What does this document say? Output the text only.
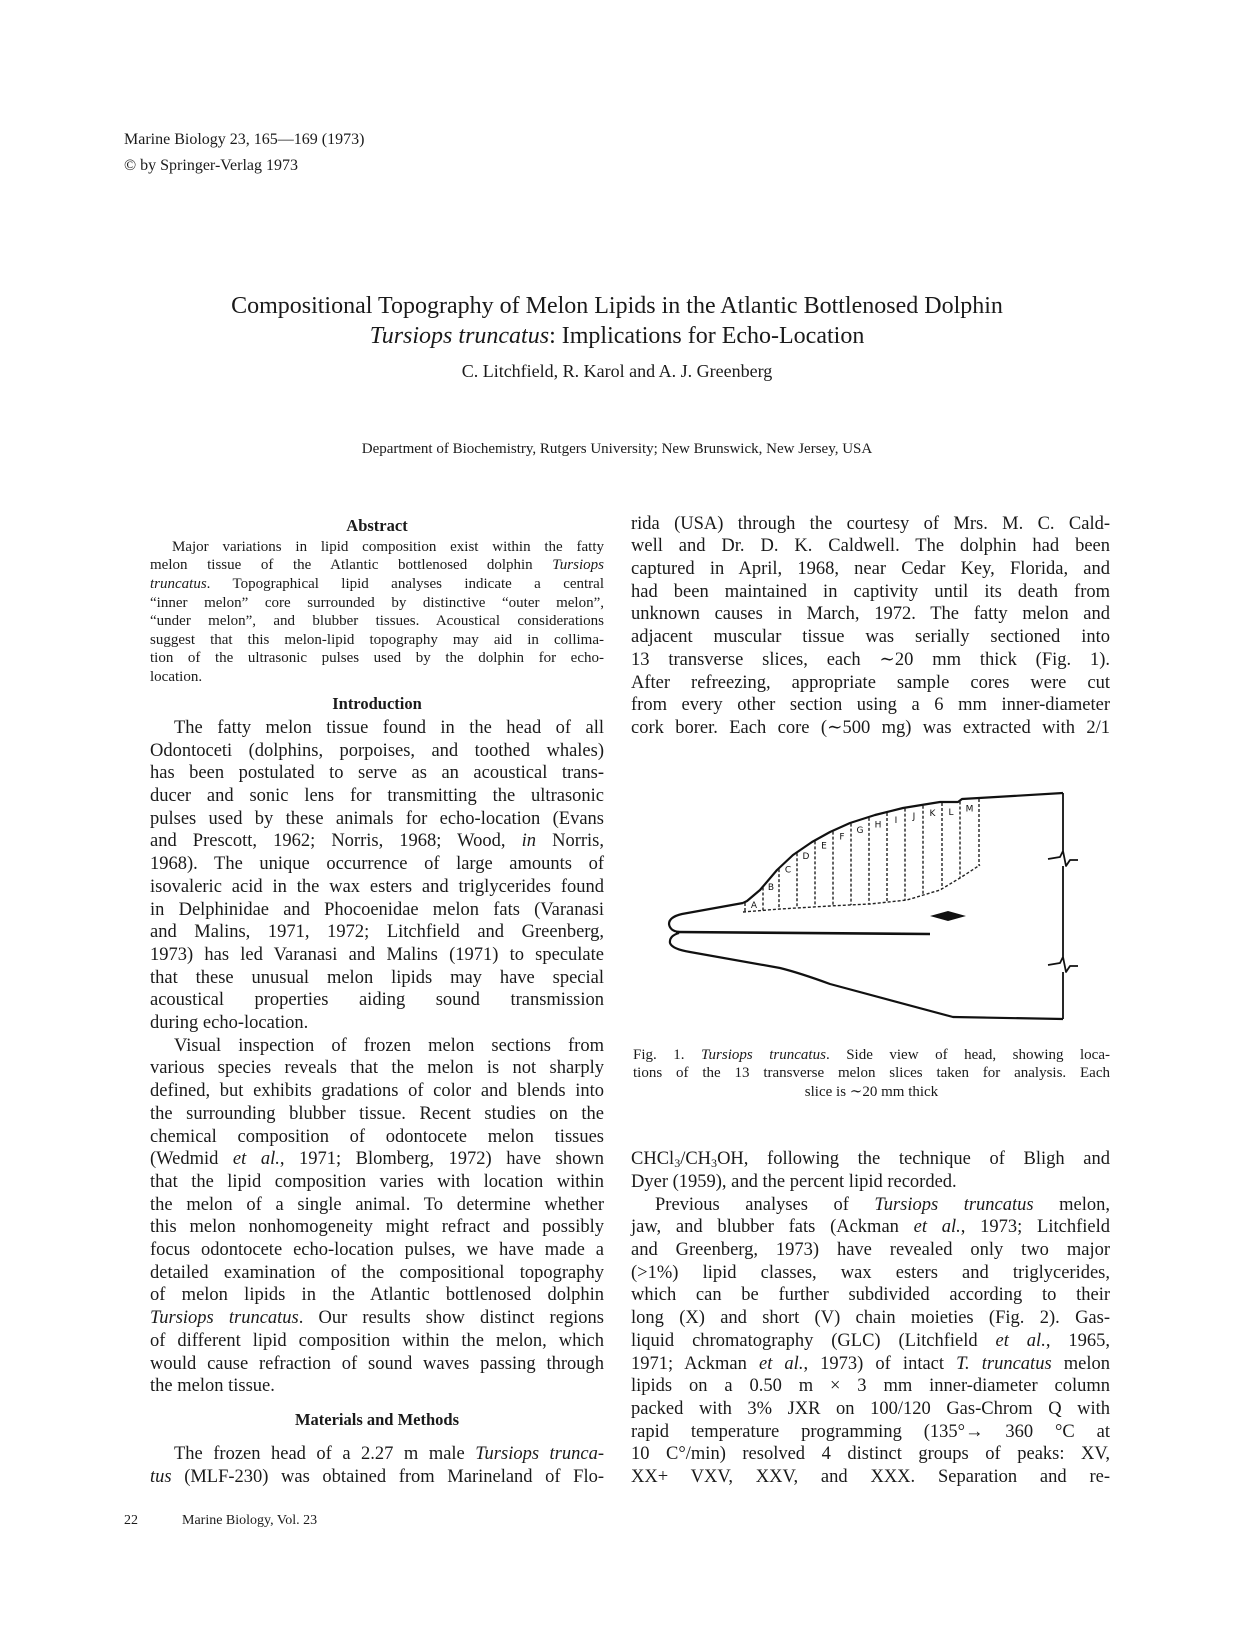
Marine Biology 23, 165—169 (1973)
© by Springer-Verlag 1973
Compositional Topography of Melon Lipids in the Atlantic Bottlenosed Dolphin
Tursiops truncatus: Implications for Echo-Location
C. Litchfield, R. Karol and A. J. Greenberg
Department of Biochemistry, Rutgers University; New Brunswick, New Jersey, USA
Abstract
Major variations in lipid composition exist within the fatty
melon tissue of the Atlantic bottlenosed dolphin Tursiops
truncatus. Topographical lipid analyses indicate a central
“inner melon” core surrounded by distinctive “outer melon”,
“under melon”, and blubber tissues. Acoustical considerations
suggest that this melon-lipid topography may aid in collima-
tion of the ultrasonic pulses used by the dolphin for echo-
location.
Introduction
The fatty melon tissue found in the head of all
Odontoceti (dolphins, porpoises, and toothed whales)
has been postulated to serve as an acoustical trans-
ducer and sonic lens for transmitting the ultrasonic
pulses used by these animals for echo-location (Evans
and Prescott, 1962; Norris, 1968; Wood, in Norris,
1968). The unique occurrence of large amounts of
isovaleric acid in the wax esters and triglycerides found
in Delphinidae and Phocoenidae melon fats (Varanasi
and Malins, 1971, 1972; Litchfield and Greenberg,
1973) has led Varanasi and Malins (1971) to speculate
that these unusual melon lipids may have special
acoustical properties aiding sound transmission
during echo-location.
Visual inspection of frozen melon sections from
various species reveals that the melon is not sharply
defined, but exhibits gradations of color and blends into
the surrounding blubber tissue. Recent studies on the
chemical composition of odontocete melon tissues
(Wedmid et al., 1971; Blomberg, 1972) have shown
that the lipid composition varies with location within
the melon of a single animal. To determine whether
this melon nonhomogeneity might refract and possibly
focus odontocete echo-location pulses, we have made a
detailed examination of the compositional topography
of melon lipids in the Atlantic bottlenosed dolphin
Tursiops truncatus. Our results show distinct regions
of different lipid composition within the melon, which
would cause refraction of sound waves passing through
the melon tissue.
Materials and Methods
The frozen head of a 2.27 m male Tursiops trunca-
tus (MLF-230) was obtained from Marineland of Flo-
rida (USA) through the courtesy of Mrs. M. C. Cald-
well and Dr. D. K. Caldwell. The dolphin had been
captured in April, 1968, near Cedar Key, Florida, and
had been maintained in captivity until its death from
unknown causes in March, 1972. The fatty melon and
adjacent muscular tissue was serially sectioned into
13 transverse slices, each ∼20 mm thick (Fig. 1).
After refreezing, appropriate sample cores were cut
from every other section using a 6 mm inner-diameter
cork borer. Each core (∼500 mg) was extracted with 2/1
A
B
C
D
E
F
G
H I J K L M
Fig. 1. Tursiops truncatus. Side view of head, showing loca-
tions of the 13 transverse melon slices taken for analysis. Each
slice is ∼20 mm thick
$CHCl_3/CH_3OH$, following the technique of Bligh and
Dyer (1959), and the percent lipid recorded.
Previous analyses of Tursiops truncatus melon,
jaw, and blubber fats (Ackman et al., 1973; Litchfield
and Greenberg, 1973) have revealed only two major
(>1%) lipid classes, wax esters and triglycerides,
which can be further subdivided according to their
long (X) and short (V) chain moieties (Fig. 2). Gas-
liquid chromatography (GLC) (Litchfield et al., 1965,
1971; Ackman et al., 1973) of intact T. truncatus melon
lipids on a 0.50 m × 3 mm inner-diameter column
packed with 3% JXR on 100/120 Gas-Chrom Q with
rapid temperature programming (135°→ 360 °C at
10 C°/min) resolved 4 distinct groups of peaks: XV,
XX+ VXV, XXV, and XXX. Separation and re-
22	Marine Biology, Vol. 23
